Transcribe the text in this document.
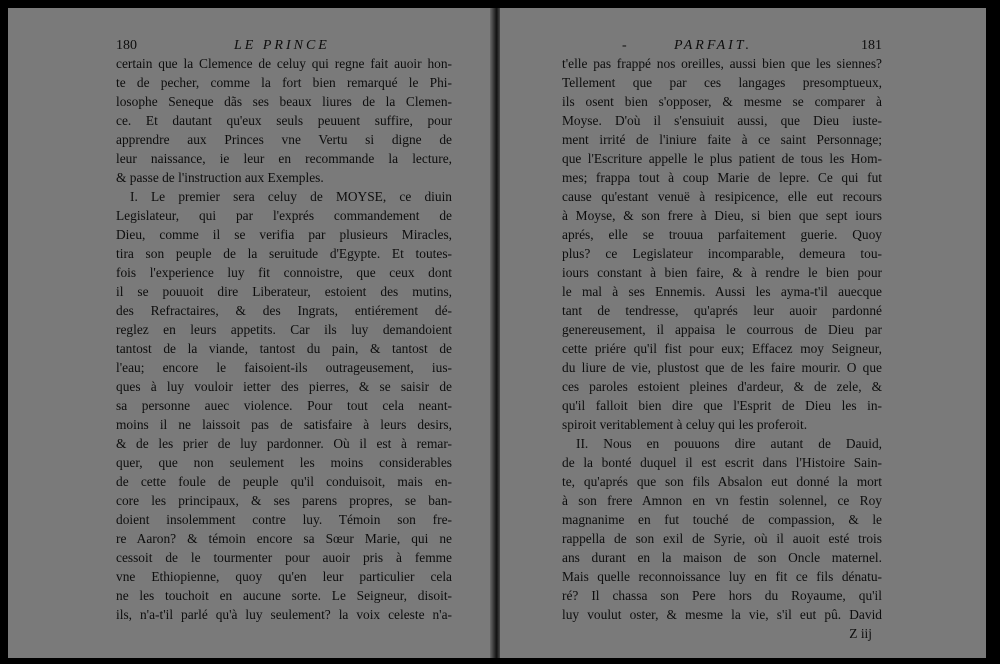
180	LE PRINCE
certain que la Clemence de celuy qui regne fait auoir hon-
te de pecher, comme la fort bien remarqué le Phi-
losophe Seneque dãs ses beaux liures de la Clemen-
ce. Et dautant qu'eux seuls peuuent suffire, pour
apprendre aux Princes vne Vertu si digne de
leur naissance, ie leur en recommande la lecture,
& passe de l'instruction aux Exemples.
I. Le premier sera celuy de MOYSE, ce diuin
Legislateur, qui par l'exprés commandement de
Dieu, comme il se verifia par plusieurs Miracles,
tira son peuple de la seruitude d'Egypte. Et toutes-
fois l'experience luy fit connoistre, que ceux dont
il se pouuoit dire Liberateur, estoient des mutins,
des Refractaires, & des Ingrats, entiérement dé-
reglez en leurs appetits. Car ils luy demandoient
tantost de la viande, tantost du pain, & tantost de
l'eau; encore le faisoient-ils outrageusement, ius-
ques à luy vouloir ietter des pierres, & se saisir de
sa personne auec violence. Pour tout cela neant-
moins il ne laissoit pas de satisfaire à leurs desirs,
& de les prier de luy pardonner. Où il est à remar-
quer, que non seulement les moins considerables
de cette foule de peuple qu'il conduisoit, mais en-
core les principaux, & ses parens propres, se ban-
doient insolemment contre luy. Témoin son fre-
re Aaron? & témoin encore sa Sœur Marie, qui ne
cessoit de le tourmenter pour auoir pris à femme
vne Ethiopienne, quoy qu'en leur particulier cela
ne les touchoit en aucune sorte. Le Seigneur, disoit-
ils, n'a-t'il parlé qu'à luy seulement? la voix celeste n'a-
-	PARFAIT.	181
t'elle pas frappé nos oreilles, aussi bien que les siennes?
Tellement que par ces langages presomptueux,
ils osent bien s'opposer, & mesme se comparer à
Moyse. D'où il s'ensuiuit aussi, que Dieu iuste-
ment irrité de l'iniure faite à ce saint Personnage;
que l'Escriture appelle le plus patient de tous les Hom-
mes; frappa tout à coup Marie de lepre. Ce qui fut
cause qu'estant venuë à resipicence, elle eut recours
à Moyse, & son frere à Dieu, si bien que sept iours
aprés, elle se trouua parfaitement guerie. Quoy
plus? ce Legislateur incomparable, demeura tou-
iours constant à bien faire, & à rendre le bien pour
le mal à ses Ennemis. Aussi les ayma-t'il auecque
tant de tendresse, qu'aprés leur auoir pardonné
genereusement, il appaisa le courrous de Dieu par
cette priére qu'il fist pour eux; Effacez moy Seigneur,
du liure de vie, plustost que de les faire mourir. O que
ces paroles estoient pleines d'ardeur, & de zele, &
qu'il falloit bien dire que l'Esprit de Dieu les in-
spiroit veritablement à celuy qui les proferoit.
II. Nous en pouuons dire autant de Dauid,
de la bonté duquel il est escrit dans l'Histoire Sain-
te, qu'aprés que son fils Absalon eut donné la mort
à son frere Amnon en vn festin solennel, ce Roy
magnanime en fut touché de compassion, & le
rappella de son exil de Syrie, où il auoit esté trois
ans durant en la maison de son Oncle maternel.
Mais quelle reconnoissance luy en fit ce fils dénatu-
ré? Il chassa son Pere hors du Royaume, qu'il
luy voulut oster, & mesme la vie, s'il eut pû. David
Z iij
